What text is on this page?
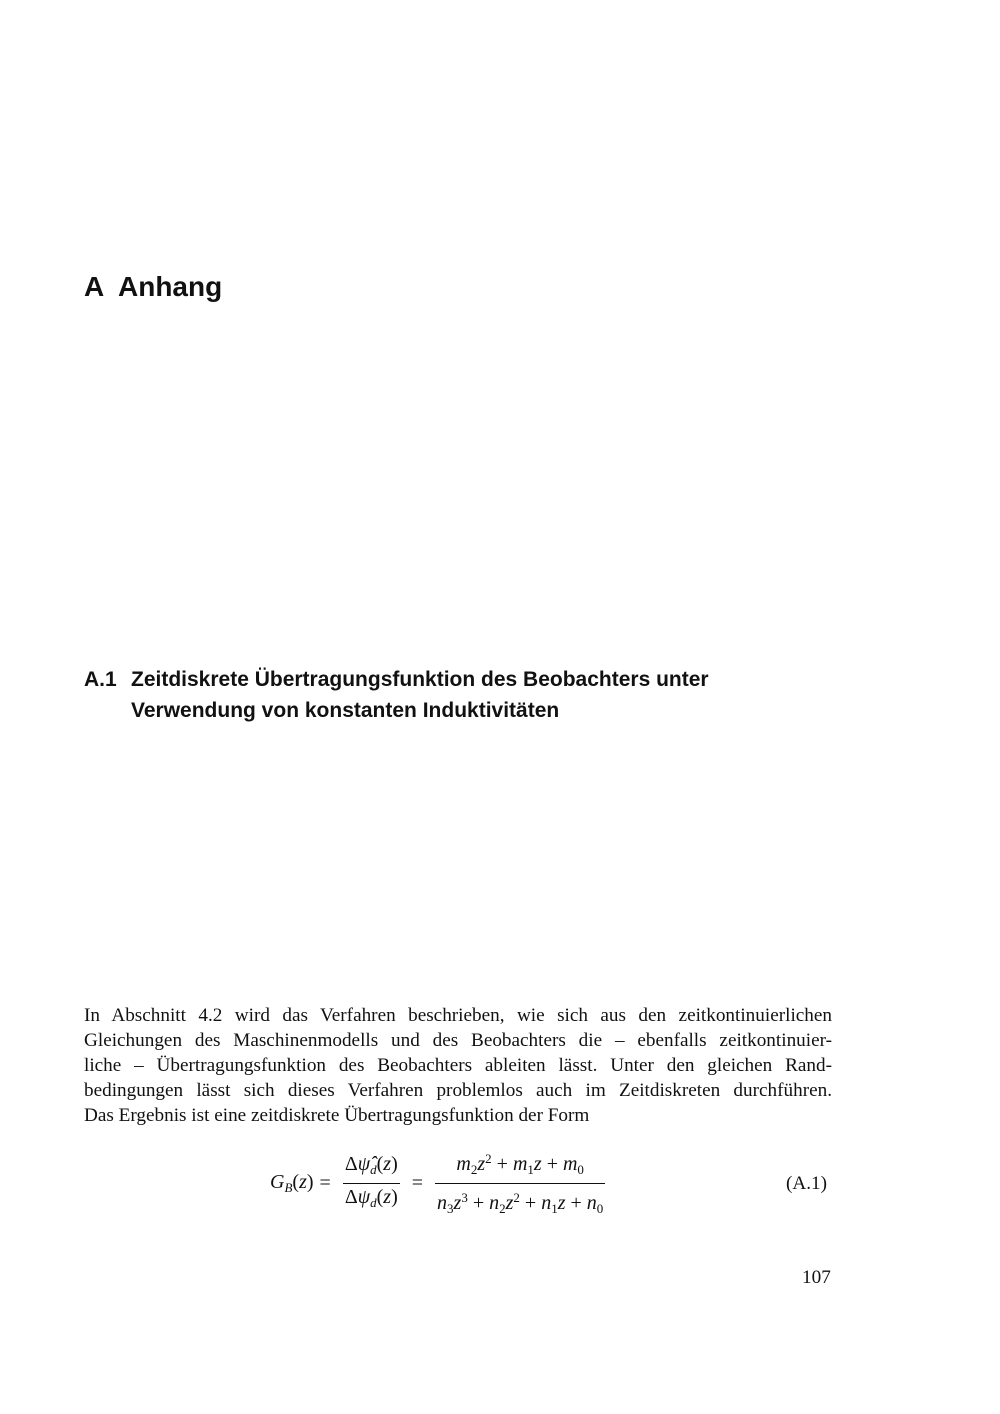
A Anhang
A.1 Zeitdiskrete Übertragungsfunktion des Beobachters unter Verwendung von konstanten Induktivitäten

In Abschnitt 4.2 wird das Verfahren beschrieben, wie sich aus den zeitkontinuierlichen
Gleichungen des Maschinenmodells und des Beobachters die – ebenfalls zeitkontinuier-
liche – Übertragungsfunktion des Beobachters ableiten lässt. Unter den gleichen Rand-
bedingungen lässt sich dieses Verfahren problemlos auch im Zeitdiskreten durchführen.
Das Ergebnis ist eine zeitdiskrete Übertragungsfunktion der Form

$G_B(z) = \frac{\Delta\psî_d(z)}{\Delta\psi_d(z)} = \frac{m_2z^2 + m_1z + m_0}{n_3z^3 + n_2z^2 + n_1z + n_0}$	(A.1)
107
